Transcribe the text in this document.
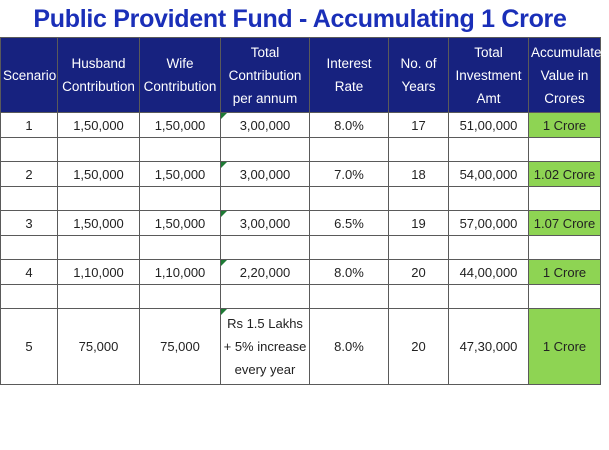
Public Provident Fund - Accumulating 1 Crore
Scenario	Husband Contribution	Wife Contribution	Total Contribution per annum	Interest Rate	No. of Years	Total Investment Amt	Accumulated Value in Crores
1	1,50,000	1,50,000	3,00,000	8.0%	17	51,00,000	1 Crore

2	1,50,000	1,50,000	3,00,000	7.0%	18	54,00,000	1.02 Crore

3	1,50,000	1,50,000	3,00,000	6.5%	19	57,00,000	1.07 Crore

4	1,10,000	1,10,000	2,20,000	8.0%	20	44,00,000	1 Crore

5	75,000	75,000	Rs 1.5 Lakhs + 5% increase every year	8.0%	20	47,30,000	1 Crore
